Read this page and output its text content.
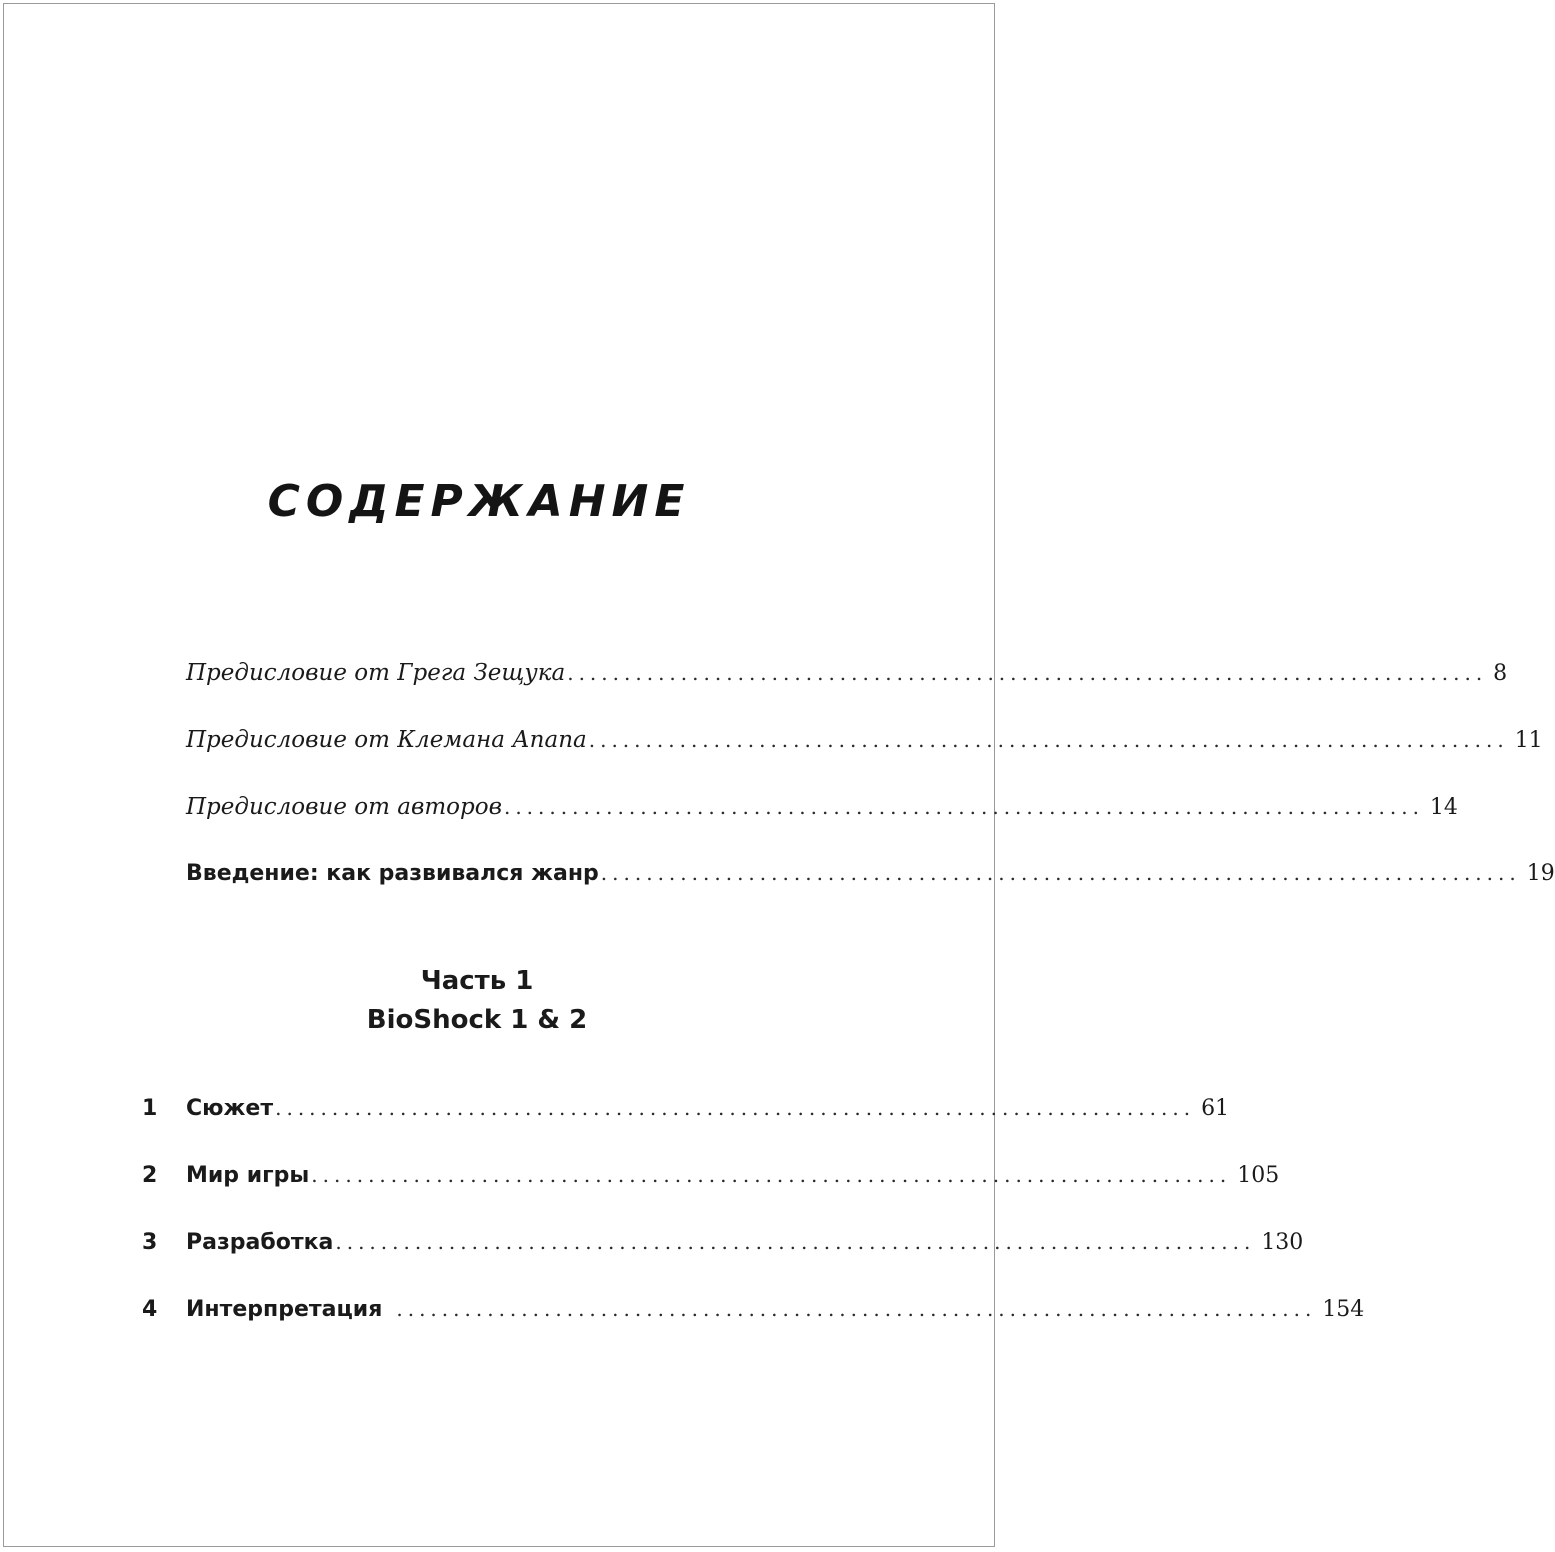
СОДЕРЖАНИЕ
Предисловие от Грега Зещука ................................................................................. 8
Предисловие от Клемана Апапа ................................................................................. 11
Предисловие от авторов ................................................................................. 14
Введение: как развивался жанр ................................................................................. 19
Часть 1
BioShock 1 & 2
1 Сюжет ................................................................................. 61
2 Мир игры ................................................................................. 105
3 Разработка ................................................................................. 130
4 Интерпретация ................................................................................. 154
